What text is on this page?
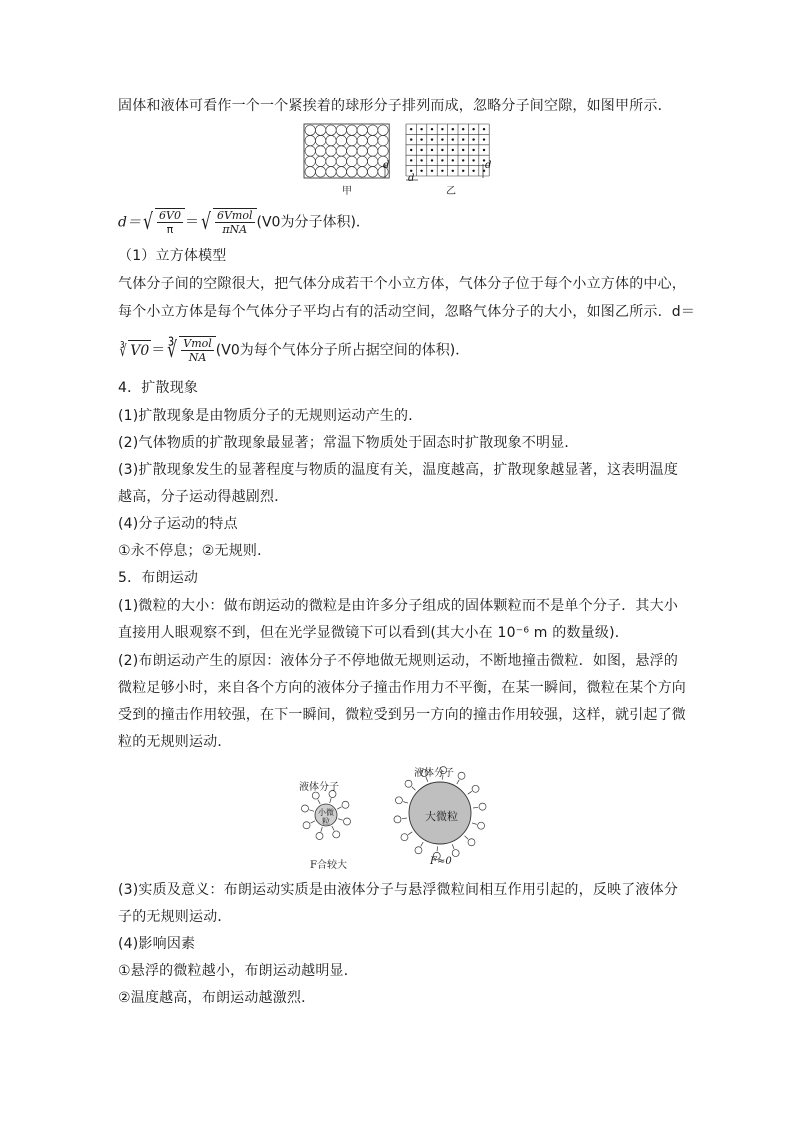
固体和液体可看作一个一个紧挨着的球形分子排列而成，忽略分子间空隙，如图甲所示．
d	d
d
甲	乙
$d=√ \frac{6V0}{\pi}$ ＝√ $\frac{\text{6Vmol}}{\text{πNA}} (V0$为分子体积)．
（1）立方体模型
气体分子间的空隙很大，把气体分成若干个小立方体，气体分子位于每个小立方体的中心，
每个小立方体是每个气体分子平均占有的活动空间，忽略气体分子的大小，如图乙所示．d＝
∛ V0 ＝∛ $\frac{\text{Vmol}}{NA} (V0$为每个气体分子所占据空间的体积)．
4．扩散现象
(1)扩散现象是由物质分子的无规则运动产生的．
(2)气体物质的扩散现象最显著；常温下物质处于固态时扩散现象不明显．
(3)扩散现象发生的显著程度与物质的温度有关，温度越高，扩散现象越显著，这表明温度
越高，分子运动得越剧烈．
(4)分子运动的特点
①永不停息；②无规则．
5．布朗运动
(1)微粒的大小：做布朗运动的微粒是由许多分子组成的固体颗粒而不是单个分子．其大小
直接用人眼观察不到，但在光学显微镜下可以看到(其大小在 10⁻⁶ m 的数量级)．
(2)布朗运动产生的原因：液体分子不停地做无规则运动，不断地撞击微粒．如图，悬浮的
微粒足够小时，来自各个方向的液体分子撞击作用力不平衡，在某一瞬间，微粒在某个方向
受到的撞击作用较强，在下一瞬间，微粒受到另一方向的撞击作用较强，这样，就引起了微
粒的无规则运动．
液体分子
小微粒
F合较大
液体分子
大微粒
F≈0
(3)实质及意义：布朗运动实质是由液体分子与悬浮微粒间相互作用引起的，反映了液体分
子的无规则运动．
(4)影响因素
①悬浮的微粒越小，布朗运动越明显．
②温度越高，布朗运动越激烈．
